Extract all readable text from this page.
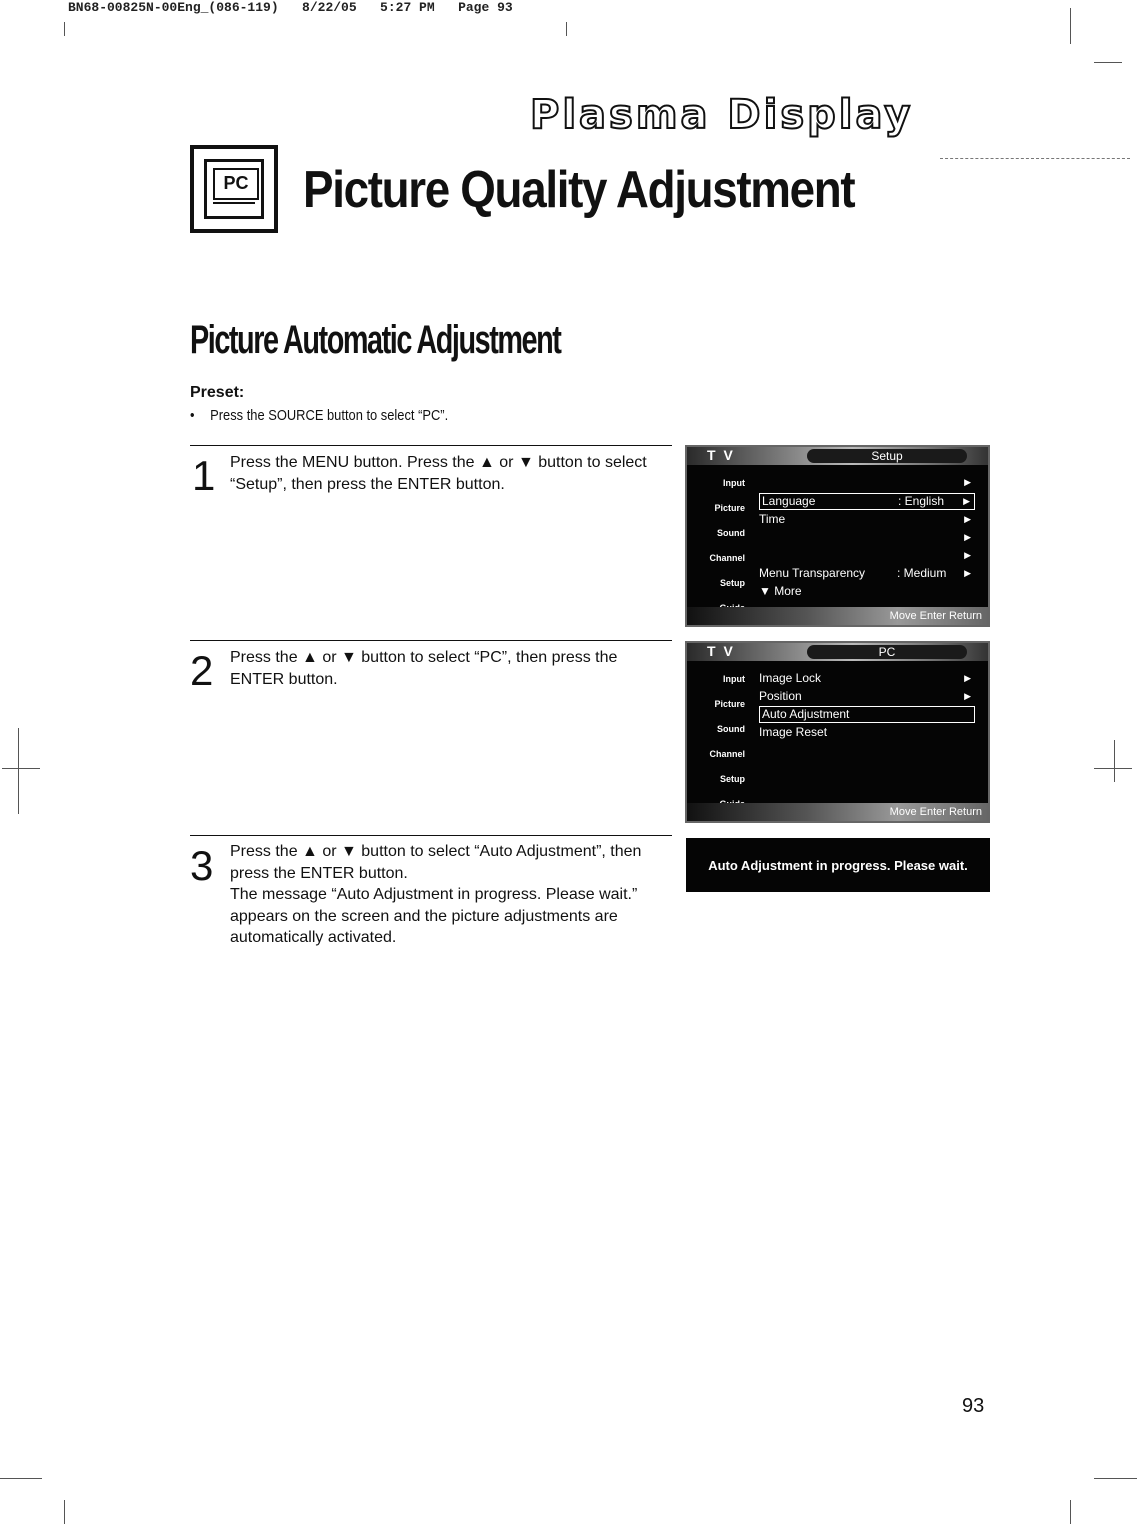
BN68-00825N-00Eng_(086-119)   8/22/05   5:27 PM   Page 93
Plasma Display
PC Picture Quality Adjustment
Picture Automatic Adjustment
Preset:
• Press the SOURCE button to select “PC”.
1 Press the MENU button. Press the ▲ or ▼ button to select “Setup”, then press the ENTER button.
T V	Setup
Input
Picture
Sound
Channel
Setup
▶
Language	: English ▶
Time	▶
▶
▶
Menu Transparency	: Medium ▶
▼ More
Move Enter Return
2 Press the ▲ or ▼ button to select “PC”, then press the ENTER button.
T V	PC
Input
Picture
Sound
Channel
Setup
Image Lock	▶
Position	▶
Auto Adjustment
Image Reset
Move Enter Return
3 Press the ▲ or ▼ button to select “Auto Adjustment”, then press the ENTER button.
The message “Auto Adjustment in progress. Please wait.” appears on the screen and the picture adjustments are automatically activated.
Auto Adjustment in progress. Please wait.
93
